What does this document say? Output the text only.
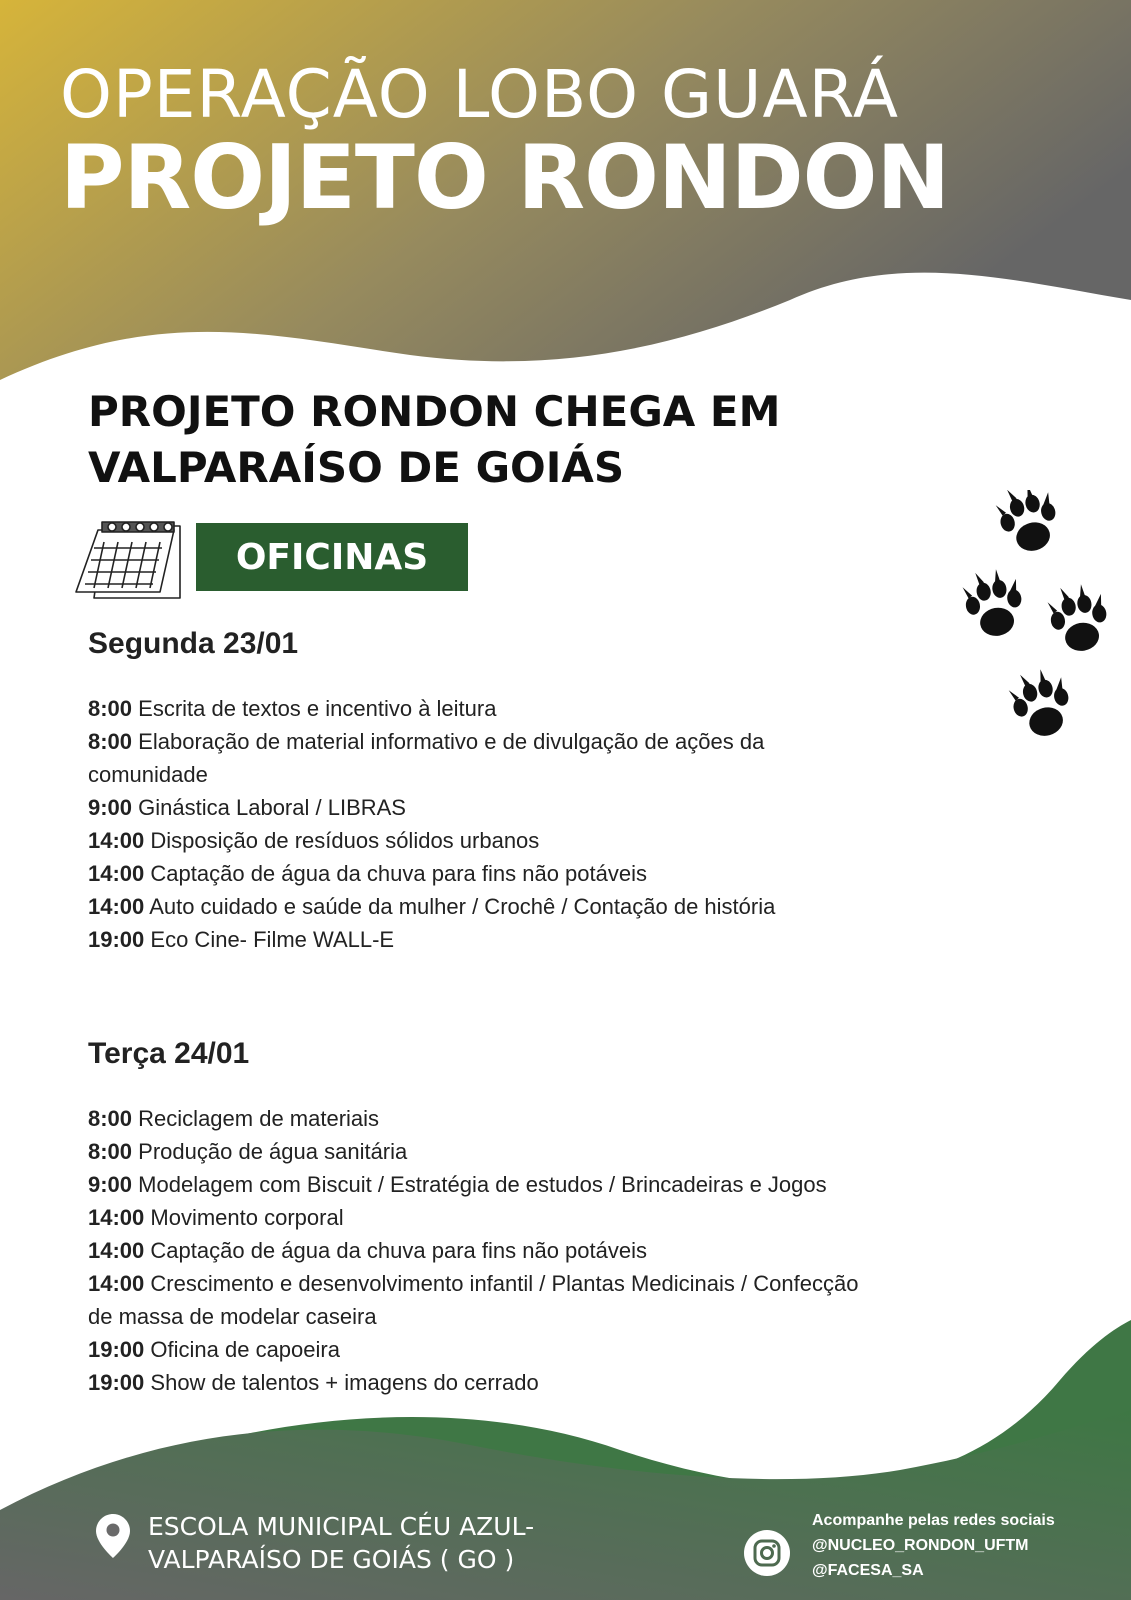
OPERAÇÃO LOBO GUARÁ
PROJETO RONDON
PROJETO RONDON CHEGA EM
VALPARAÍSO DE GOIÁS
OFICINAS
Segunda 23/01
8:00 Escrita de textos e incentivo à leitura
8:00 Elaboração de material informativo e de divulgação de ações da comunidade
9:00 Ginástica Laboral / LIBRAS
14:00 Disposição de resíduos sólidos urbanos
14:00 Captação de água da chuva para fins não potáveis
14:00 Auto cuidado e saúde da mulher / Crochê / Contação de história
19:00 Eco Cine- Filme WALL-E
Terça 24/01
8:00 Reciclagem de materiais
8:00 Produção de água sanitária
9:00 Modelagem com Biscuit / Estratégia de estudos / Brincadeiras e Jogos
14:00 Movimento corporal
14:00 Captação de água da chuva para fins não potáveis
14:00 Crescimento e desenvolvimento infantil / Plantas Medicinais / Confecção de massa de modelar caseira
19:00 Oficina de capoeira
19:00 Show de talentos + imagens do cerrado
ESCOLA MUNICIPAL CÉU AZUL-
VALPARAÍSO DE GOIÁS ( GO )
Acompanhe pelas redes sociais
@NUCLEO_RONDON_UFTM
@FACESA_SA
